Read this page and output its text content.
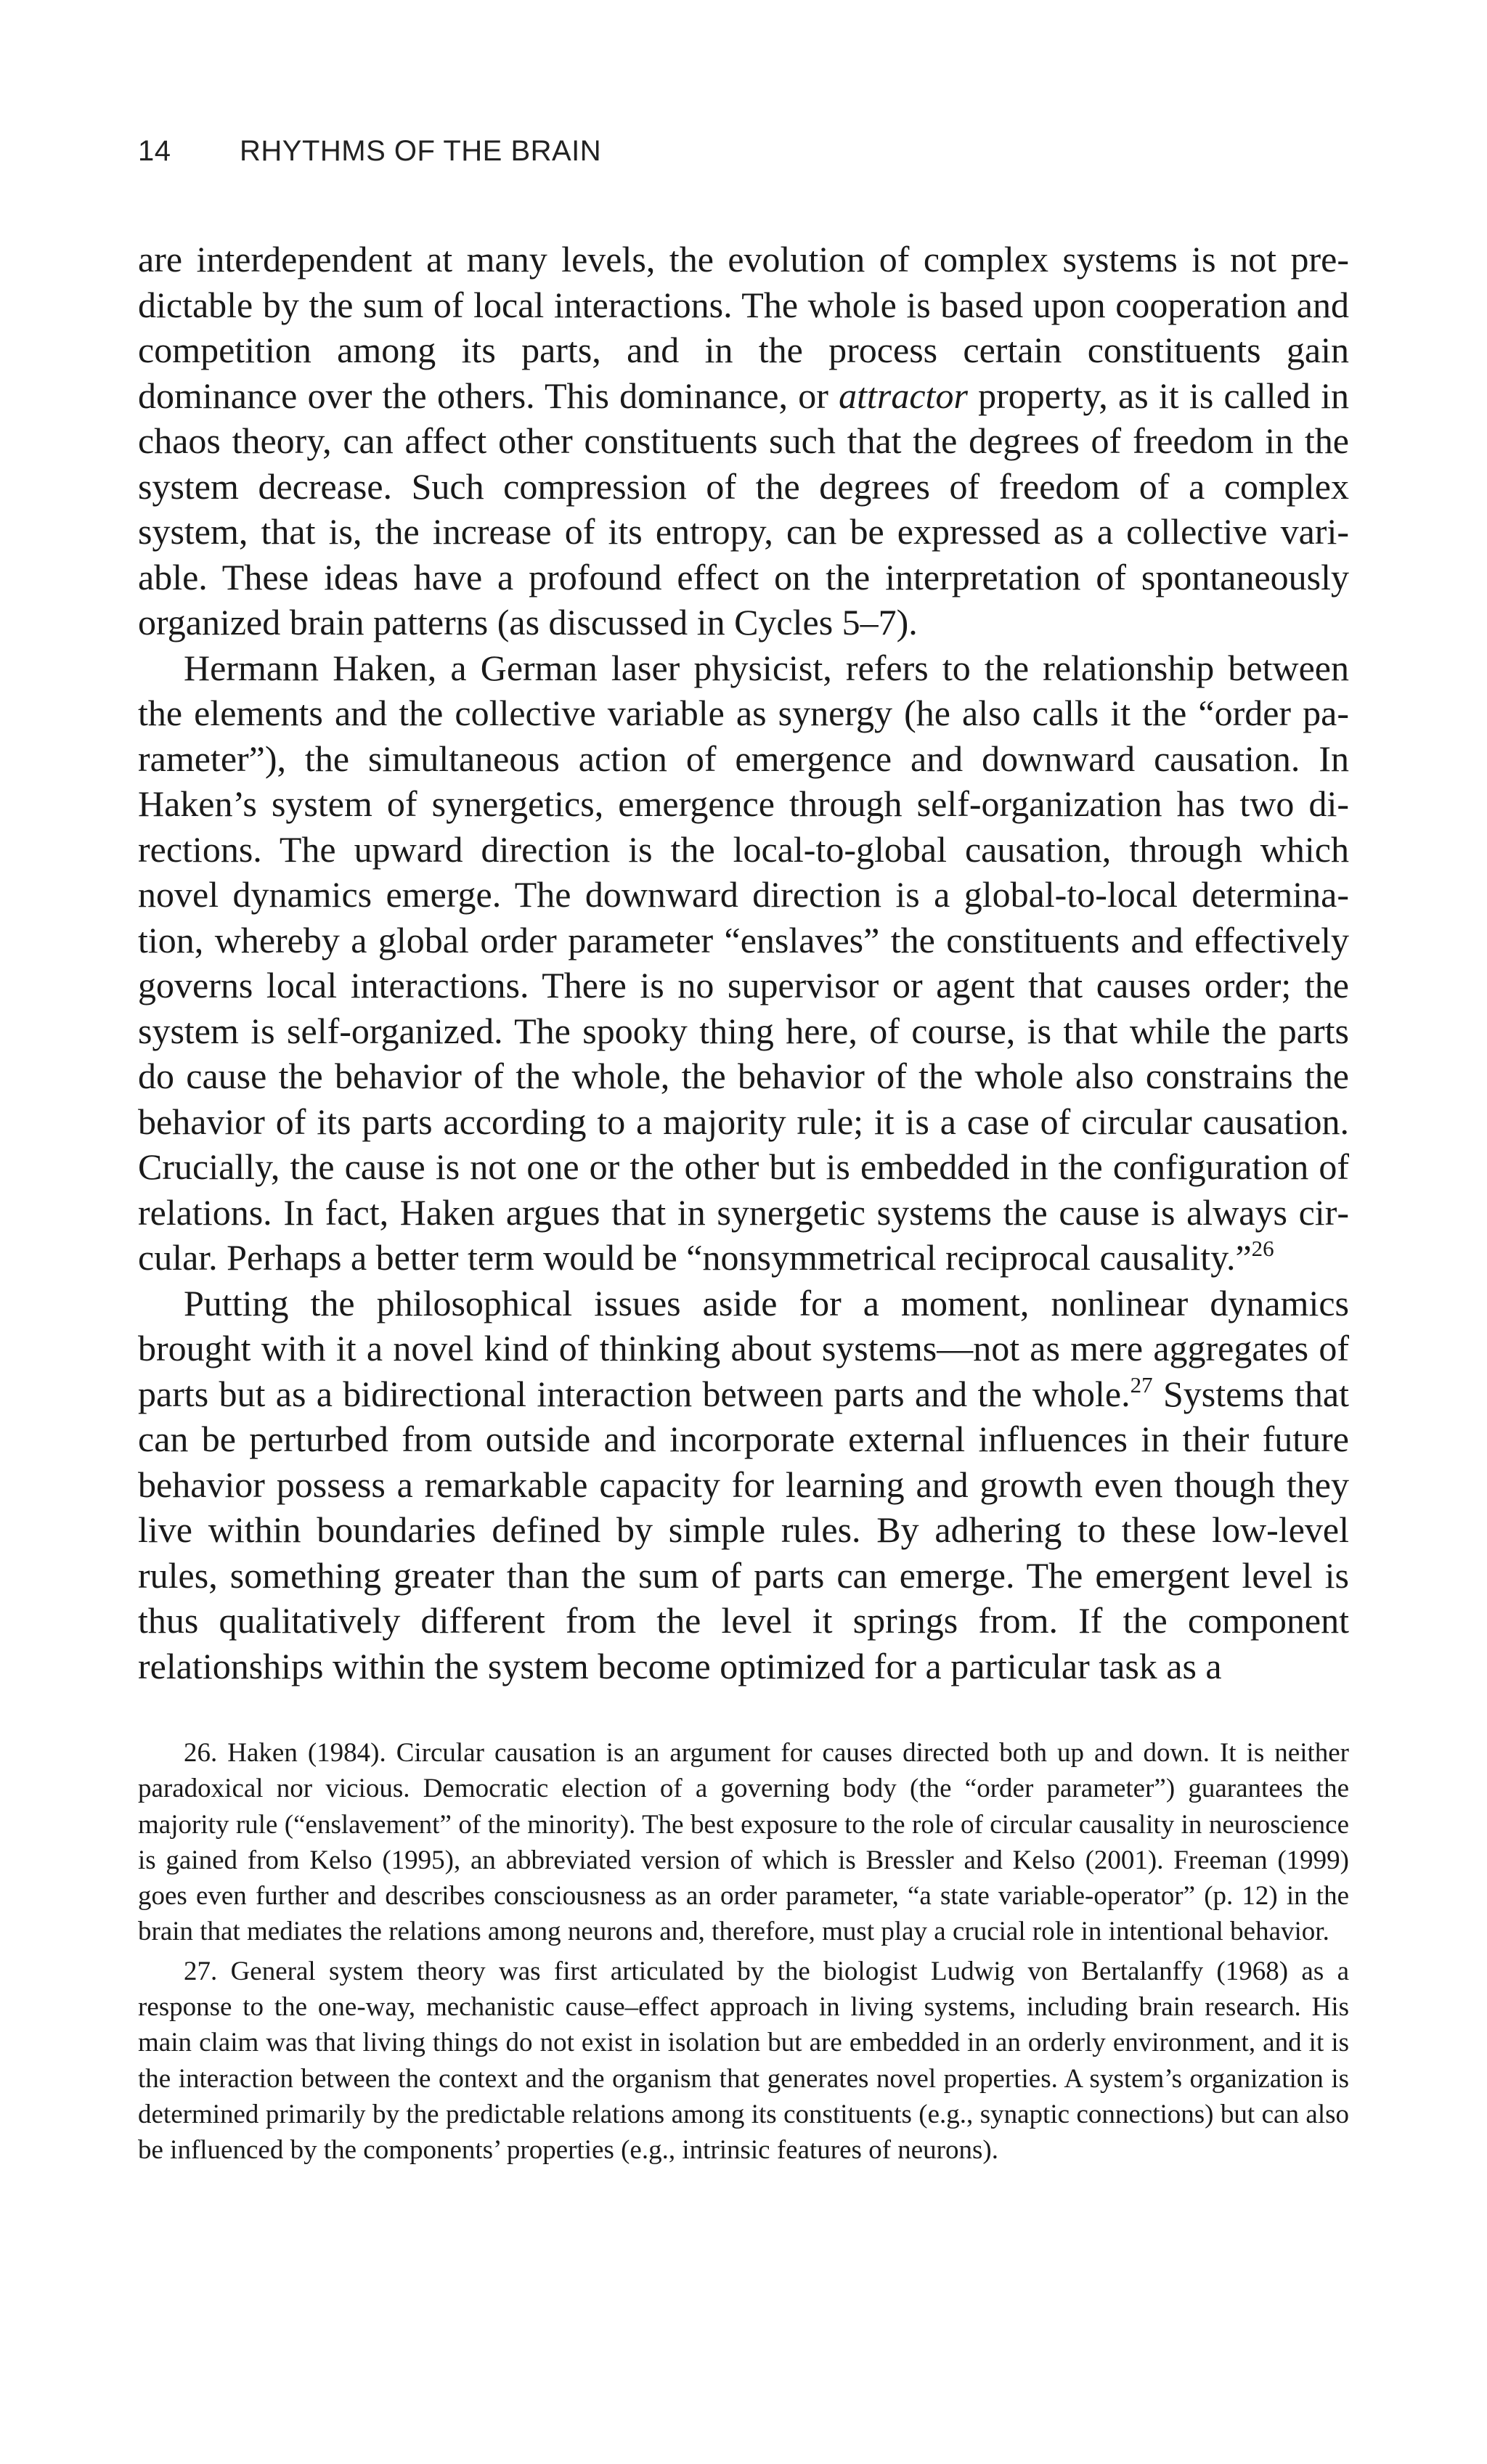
14 RHYTHMS OF THE BRAIN

are interdependent at many levels, the evolution of complex systems is not predictable by the sum of local interactions. The whole is based upon cooperation and competition among its parts, and in the process certain constituents gain dominance over the others. This dominance, or attractor property, as it is called in chaos theory, can affect other constituents such that the degrees of freedom in the system decrease. Such compression of the degrees of freedom of a complex system, that is, the increase of its entropy, can be expressed as a collective variable. These ideas have a profound effect on the interpretation of spontaneously organized brain patterns (as discussed in Cycles 5–7).

Hermann Haken, a German laser physicist, refers to the relationship between the elements and the collective variable as synergy (he also calls it the “order parameter”), the simultaneous action of emergence and downward causation. In Haken’s system of synergetics, emergence through self-organization has two directions. The upward direction is the local-to-global causation, through which novel dynamics emerge. The downward direction is a global-to-local determination, whereby a global order parameter “enslaves” the constituents and effectively governs local interactions. There is no supervisor or agent that causes order; the system is self-organized. The spooky thing here, of course, is that while the parts do cause the behavior of the whole, the behavior of the whole also constrains the behavior of its parts according to a majority rule; it is a case of circular causation. Crucially, the cause is not one or the other but is embedded in the configuration of relations. In fact, Haken argues that in synergetic systems the cause is always circular. Perhaps a better term would be “nonsymmetrical reciprocal causality.”$^{26}$

Putting the philosophical issues aside for a moment, nonlinear dynamics brought with it a novel kind of thinking about systems—not as mere aggregates of parts but as a bidirectional interaction between parts and the whole.$^{27}$ Systems that can be perturbed from outside and incorporate external influences in their future behavior possess a remarkable capacity for learning and growth even though they live within boundaries defined by simple rules. By adhering to these low-level rules, something greater than the sum of parts can emerge. The emergent level is thus qualitatively different from the level it springs from. If the component relationships within the system become optimized for a particular task as a

26. Haken (1984). Circular causation is an argument for causes directed both up and down. It is neither paradoxical nor vicious. Democratic election of a governing body (the “order parameter”) guarantees the majority rule (“enslavement” of the minority). The best exposure to the role of circular causality in neuroscience is gained from Kelso (1995), an abbreviated version of which is Bressler and Kelso (2001). Freeman (1999) goes even further and describes consciousness as an order parameter, “a state variable-operator” (p. 12) in the brain that mediates the relations among neurons and, therefore, must play a crucial role in intentional behavior.

27. General system theory was first articulated by the biologist Ludwig von Bertalanffy (1968) as a response to the one-way, mechanistic cause–effect approach in living systems, including brain research. His main claim was that living things do not exist in isolation but are embedded in an orderly environment, and it is the interaction between the context and the organism that generates novel properties. A system’s organization is determined primarily by the predictable relations among its constituents (e.g., synaptic connections) but can also be influenced by the components’ properties (e.g., intrinsic features of neurons).
